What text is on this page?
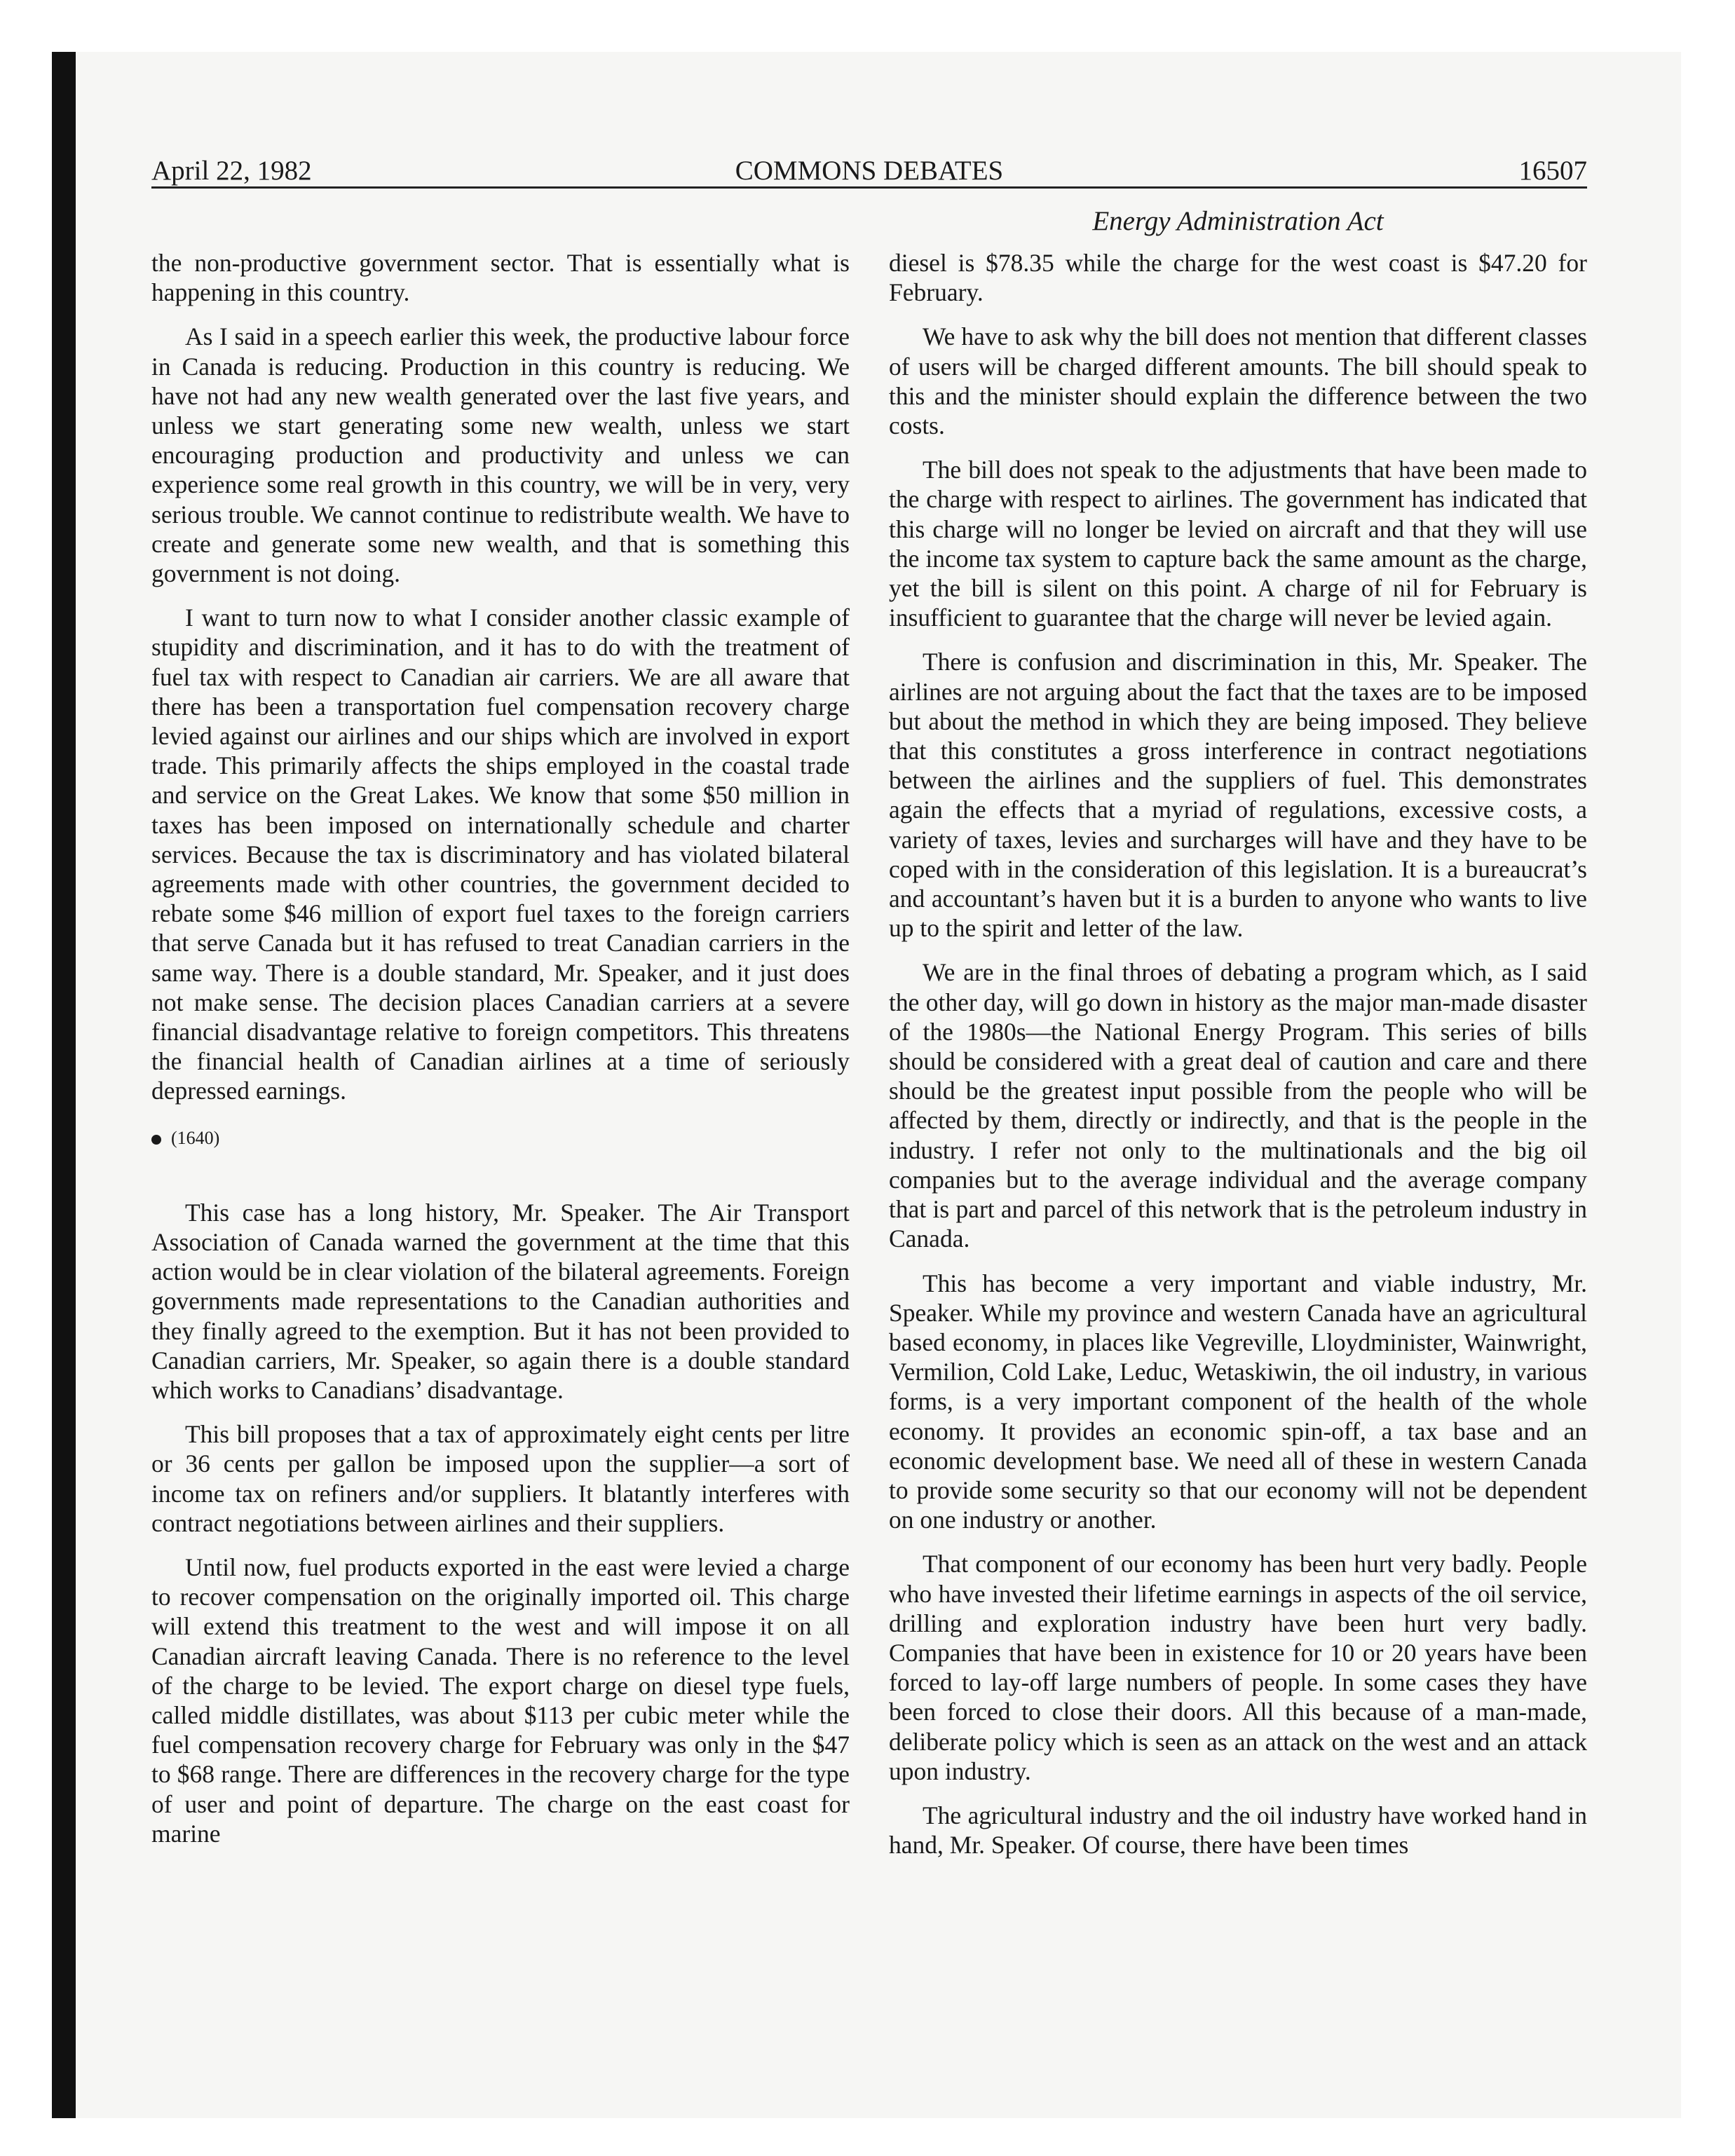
April 22, 1982	COMMONS DEBATES	16507
Energy Administration Act

the non-productive government sector. That is essentially what is happening in this country.

As I said in a speech earlier this week, the productive labour force in Canada is reducing. Production in this country is reducing. We have not had any new wealth generated over the last five years, and unless we start generating some new wealth, unless we start encouraging production and productivity and unless we can experience some real growth in this country, we will be in very, very serious trouble. We cannot continue to redistribute wealth. We have to create and generate some new wealth, and that is something this government is not doing.

I want to turn now to what I consider another classic example of stupidity and discrimination, and it has to do with the treatment of fuel tax with respect to Canadian air carriers. We are all aware that there has been a transportation fuel compensation recovery charge levied against our airlines and our ships which are involved in export trade. This primarily affects the ships employed in the coastal trade and service on the Great Lakes. We know that some $50 million in taxes has been imposed on internationally schedule and charter services. Because the tax is discriminatory and has violated bilateral agreements made with other countries, the government decided to rebate some $46 million of export fuel taxes to the foreign carriers that serve Canada but it has refused to treat Canadian carriers in the same way. There is a double standard, Mr. Speaker, and it just does not make sense. The decision places Canadian carriers at a severe financial disadvantage relative to foreign competitors. This threatens the financial health of Canadian airlines at a time of seriously depressed earnings.

(1640)

This case has a long history, Mr. Speaker. The Air Transport Association of Canada warned the government at the time that this action would be in clear violation of the bilateral agreements. Foreign governments made representations to the Canadian authorities and they finally agreed to the exemption. But it has not been provided to Canadian carriers, Mr. Speaker, so again there is a double standard which works to Canadians’ disadvantage.

This bill proposes that a tax of approximately eight cents per litre or 36 cents per gallon be imposed upon the supplier—a sort of income tax on refiners and/or suppliers. It blatantly interferes with contract negotiations between airlines and their suppliers.

Until now, fuel products exported in the east were levied a charge to recover compensation on the originally imported oil. This charge will extend this treatment to the west and will impose it on all Canadian aircraft leaving Canada. There is no reference to the level of the charge to be levied. The export charge on diesel type fuels, called middle distillates, was about $113 per cubic meter while the fuel compensation recovery charge for February was only in the $47 to $68 range. There are differences in the recovery charge for the type of user and point of departure. The charge on the east coast for marine

diesel is $78.35 while the charge for the west coast is $47.20 for February.

We have to ask why the bill does not mention that different classes of users will be charged different amounts. The bill should speak to this and the minister should explain the difference between the two costs.

The bill does not speak to the adjustments that have been made to the charge with respect to airlines. The government has indicated that this charge will no longer be levied on aircraft and that they will use the income tax system to capture back the same amount as the charge, yet the bill is silent on this point. A charge of nil for February is insufficient to guarantee that the charge will never be levied again.

There is confusion and discrimination in this, Mr. Speaker. The airlines are not arguing about the fact that the taxes are to be imposed but about the method in which they are being imposed. They believe that this constitutes a gross interference in contract negotiations between the airlines and the suppliers of fuel. This demonstrates again the effects that a myriad of regulations, excessive costs, a variety of taxes, levies and surcharges will have and they have to be coped with in the consideration of this legislation. It is a bureaucrat’s and accountant’s haven but it is a burden to anyone who wants to live up to the spirit and letter of the law.

We are in the final throes of debating a program which, as I said the other day, will go down in history as the major man-made disaster of the 1980s—the National Energy Program. This series of bills should be considered with a great deal of caution and care and there should be the greatest input possible from the people who will be affected by them, directly or indirectly, and that is the people in the industry. I refer not only to the multinationals and the big oil companies but to the average individual and the average company that is part and parcel of this network that is the petroleum industry in Canada.

This has become a very important and viable industry, Mr. Speaker. While my province and western Canada have an agricultural based economy, in places like Vegreville, Lloydminister, Wainwright, Vermilion, Cold Lake, Leduc, Wetaskiwin, the oil industry, in various forms, is a very important component of the health of the whole economy. It provides an economic spin-off, a tax base and an economic development base. We need all of these in western Canada to provide some security so that our economy will not be dependent on one industry or another.

That component of our economy has been hurt very badly. People who have invested their lifetime earnings in aspects of the oil service, drilling and exploration industry have been hurt very badly. Companies that have been in existence for 10 or 20 years have been forced to lay-off large numbers of people. In some cases they have been forced to close their doors. All this because of a man-made, deliberate policy which is seen as an attack on the west and an attack upon industry.

The agricultural industry and the oil industry have worked hand in hand, Mr. Speaker. Of course, there have been times
